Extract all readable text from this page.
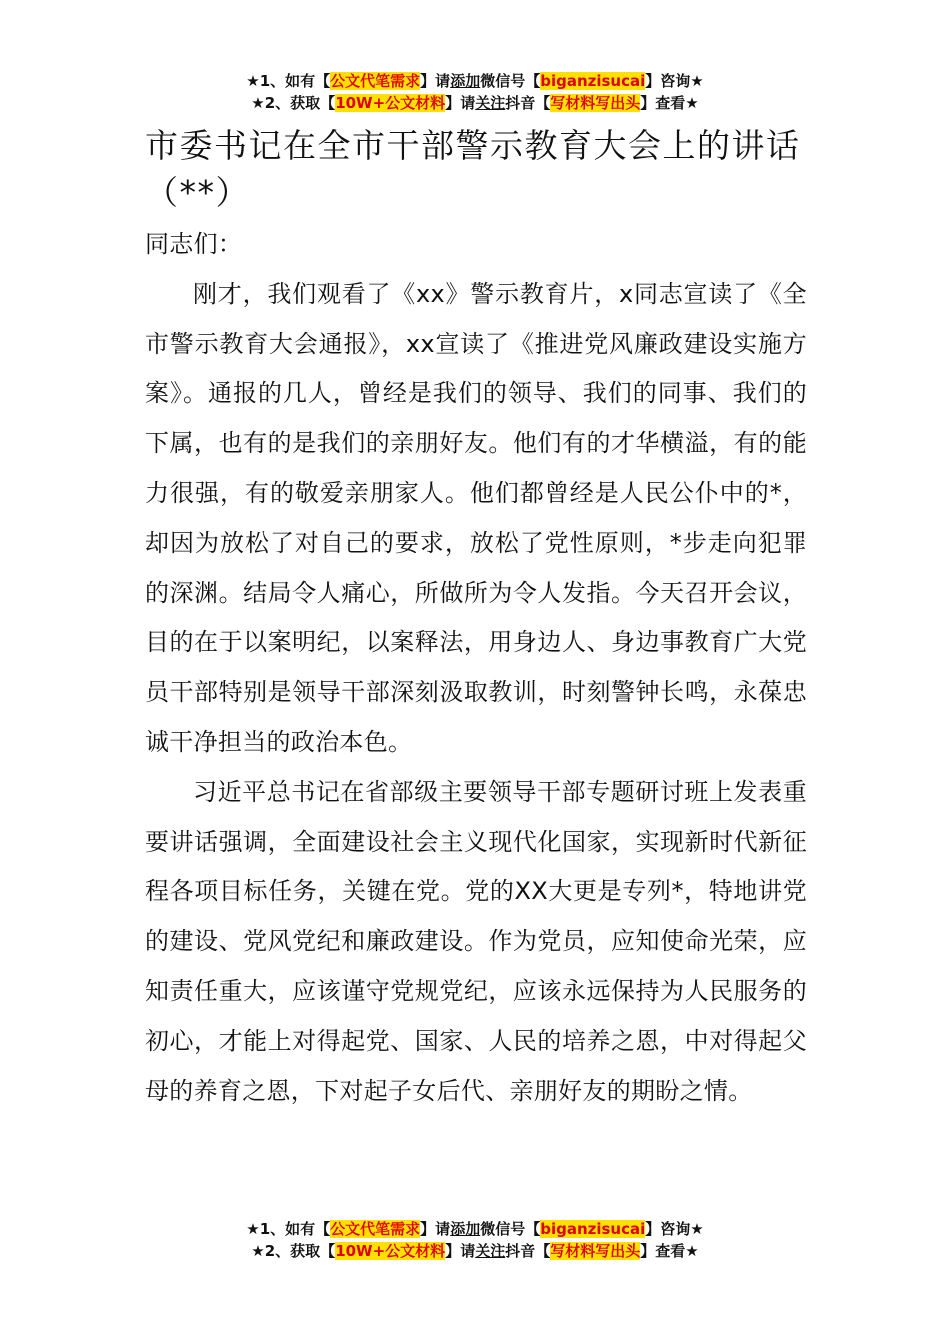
★1、如有【公文代笔需求】请添加微信号【biganzisucai】咨询★
★2、获取【10W+公文材料】请关注抖音【写材料写出头】查看★
市委书记在全市干部警示教育大会上的讲话（**）

同志们：

刚才，我们观看了《xx》警示教育片，x同志宣读了《全市警示教育大会通报》，xx宣读了《推进党风廉政建设实施方案》。通报的几人，曾经是我们的领导、我们的同事、我们的下属，也有的是我们的亲朋好友。他们有的才华横溢，有的能力很强，有的敬爱亲朋家人。他们都曾经是人民公仆中的*，却因为放松了对自己的要求，放松了党性原则，*步走向犯罪的深渊。结局令人痛心，所做所为令人发指。今天召开会议，目的在于以案明纪，以案释法，用身边人、身边事教育广大党员干部特别是领导干部深刻汲取教训，时刻警钟长鸣，永葆忠诚干净担当的政治本色。

习近平总书记在省部级主要领导干部专题研讨班上发表重要讲话强调，全面建设社会主义现代化国家，实现新时代新征程各项目标任务，关键在党。党的XX大更是专列*，特地讲党的建设、党风党纪和廉政建设。作为党员，应知使命光荣，应知责任重大，应该谨守党规党纪，应该永远保持为人民服务的初心，才能上对得起党、国家、人民的培养之恩，中对得起父母的养育之恩，下对起子女后代、亲朋好友的期盼之情。

★1、如有【公文代笔需求】请添加微信号【biganzisucai】咨询★
★2、获取【10W+公文材料】请关注抖音【写材料写出头】查看★
